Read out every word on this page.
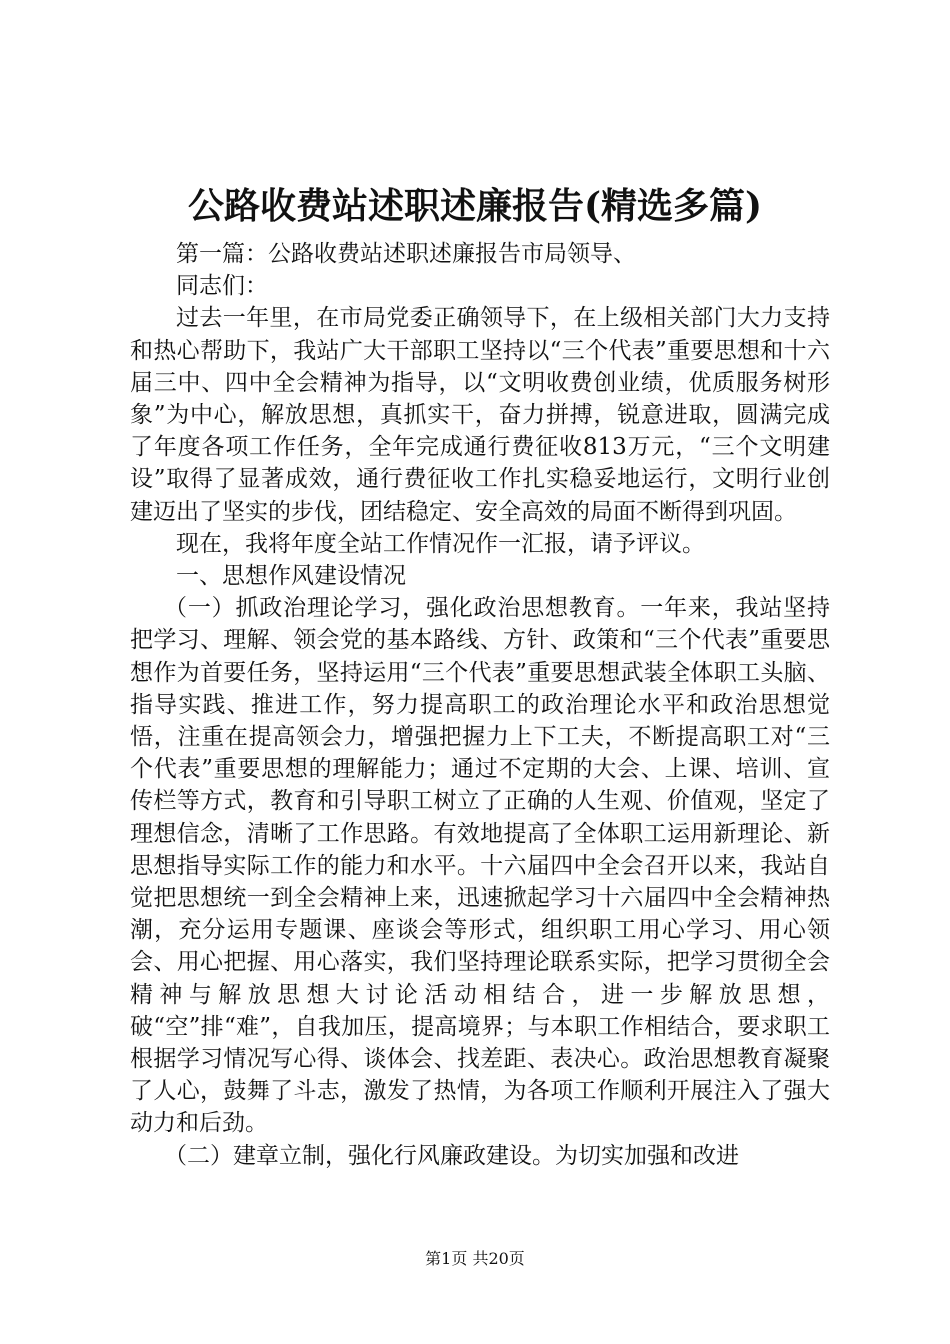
公路收费站述职述廉报告(精选多篇)

第一篇：公路收费站述职述廉报告市局领导、

同志们：

过去一年里，在市局党委正确领导下，在上级相关部门大力支持和热心帮助下，我站广大干部职工坚持以“三个代表”重要思想和十六届三中、四中全会精神为指导，以“文明收费创业绩，优质服务树形象”为中心，解放思想，真抓实干，奋力拼搏，锐意进取，圆满完成了年度各项工作任务，全年完成通行费征收813万元，“三个文明建设”取得了显著成效，通行费征收工作扎实稳妥地运行，文明行业创建迈出了坚实的步伐，团结稳定、安全高效的局面不断得到巩固。

现在，我将年度全站工作情况作一汇报，请予评议。

一、思想作风建设情况

（一）抓政治理论学习，强化政治思想教育。一年来，我站坚持把学习、理解、领会党的基本路线、方针、政策和“三个代表”重要思想作为首要任务，坚持运用“三个代表”重要思想武装全体职工头脑、指导实践、推进工作，努力提高职工的政治理论水平和政治思想觉悟，注重在提高领会力，增强把握力上下工夫，不断提高职工对“三个代表”重要思想的理解能力；通过不定期的大会、上课、培训、宣传栏等方式，教育和引导职工树立了正确的人生观、价值观，坚定了理想信念，清晰了工作思路。有效地提高了全体职工运用新理论、新思想指导实际工作的能力和水平。十六届四中全会召开以来，我站自觉把思想统一到全会精神上来，迅速掀起学习十六届四中全会精神热潮，充分运用专题课、座谈会等形式，组织职工用心学习、用心领会、用心把握、用心落实，我们坚持理论联系实际，把学习贯彻全会精神与解放思想大讨论活动相结合，进一步解放思想，破“空”排“难”，自我加压，提高境界；与本职工作相结合，要求职工根据学习情况写心得、谈体会、找差距、表决心。政治思想教育凝聚了人心，鼓舞了斗志，激发了热情，为各项工作顺利开展注入了强大动力和后劲。

（二）建章立制，强化行风廉政建设。为切实加强和改进

第1页 共20页
